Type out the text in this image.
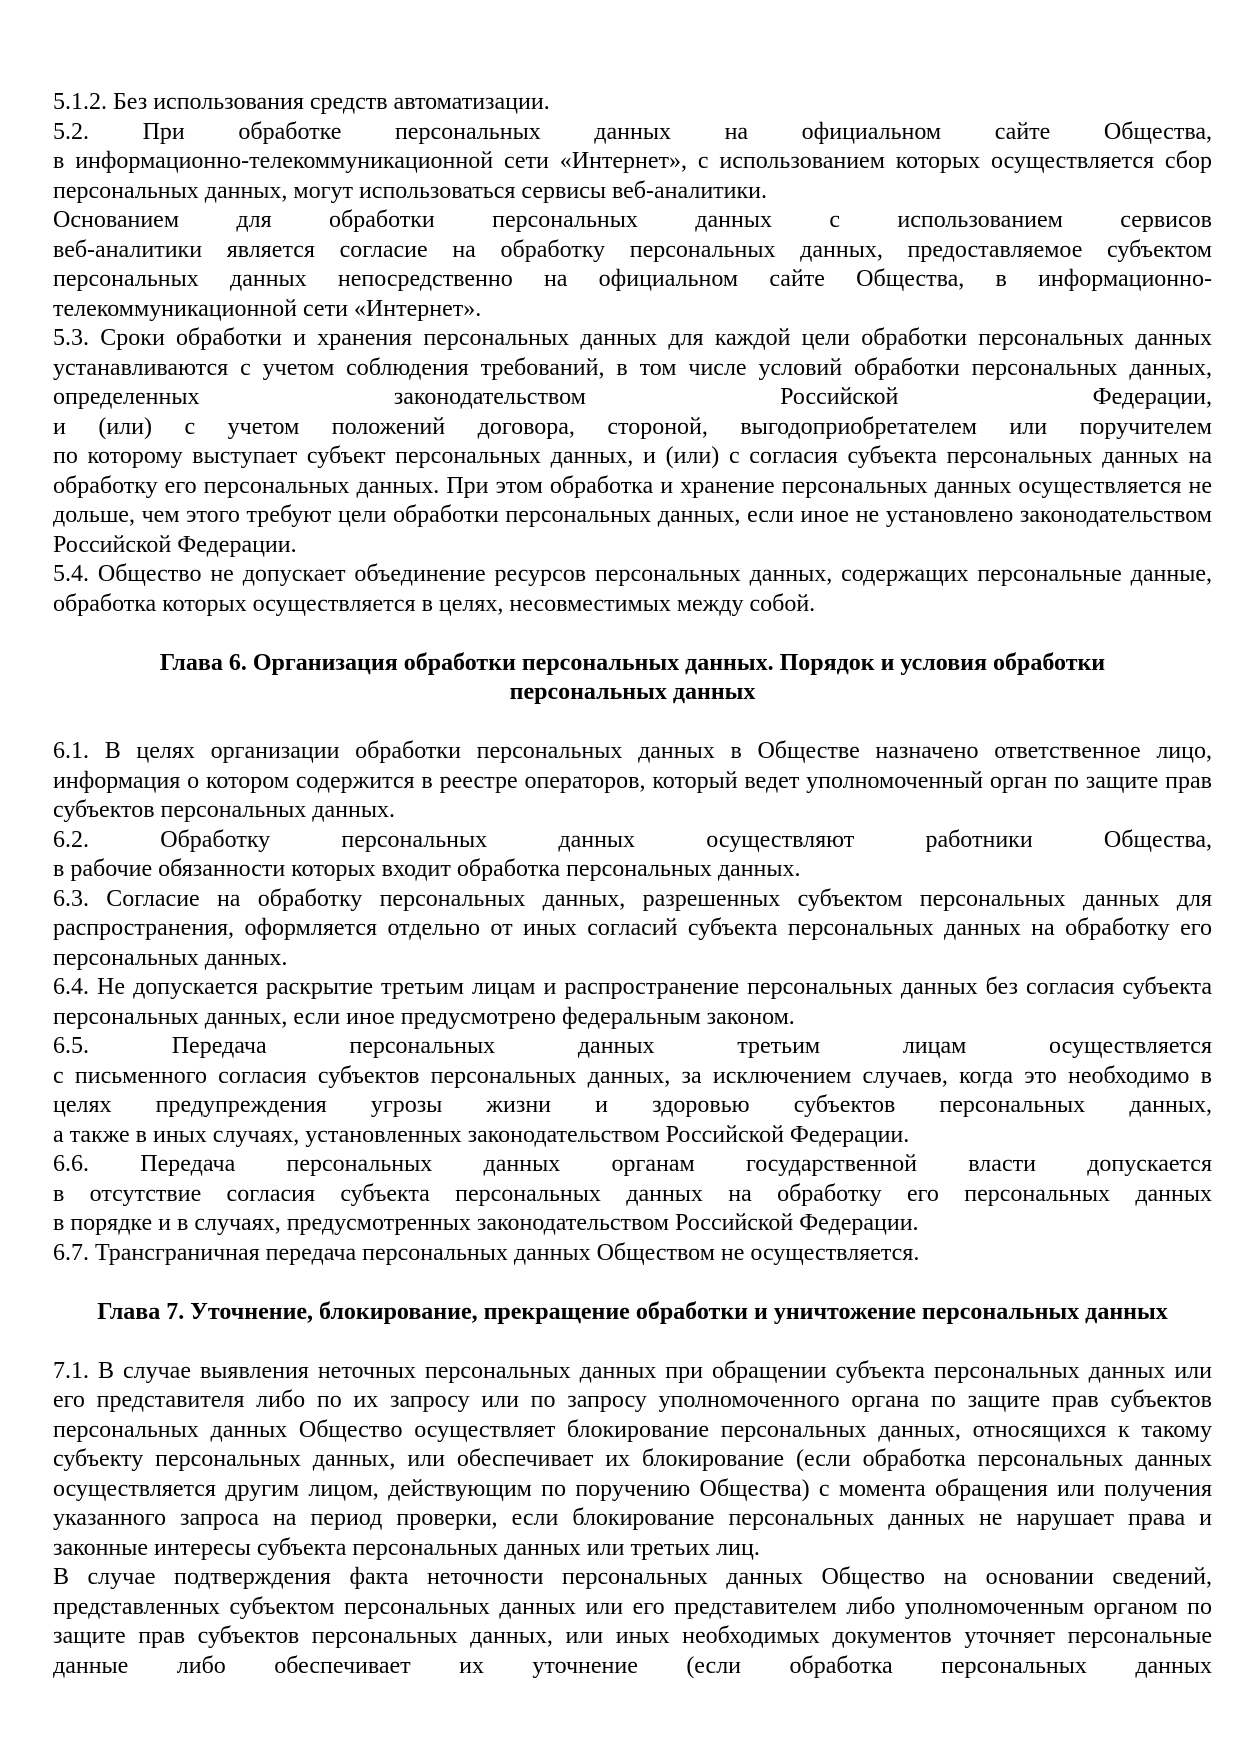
5.1.2. Без использования средств автоматизации.

5.2. При обработке персональных данных на официальном сайте Общества,
в информационно-телекоммуникационной сети «Интернет», с использованием которых осуществляется сбор персональных данных, могут использоваться сервисы веб-аналитики.

Основанием для обработки персональных данных с использованием сервисов
веб-аналитики является согласие на обработку персональных данных, предоставляемое субъектом персональных данных непосредственно на официальном сайте Общества, в информационно-телекоммуникационной сети «Интернет».

5.3. Сроки обработки и хранения персональных данных для каждой цели обработки персональных данных устанавливаются с учетом соблюдения требований, в том числе условий обработки персональных данных, определенных законодательством Российской Федерации,
и (или) с учетом положений договора, стороной, выгодоприобретателем или поручителем
по которому выступает субъект персональных данных, и (или) с согласия субъекта персональных данных на обработку его персональных данных. При этом обработка и хранение персональных данных осуществляется не дольше, чем этого требуют цели обработки персональных данных, если иное не установлено законодательством Российской Федерации.

5.4. Общество не допускает объединение ресурсов персональных данных, содержащих персональные данные, обработка которых осуществляется в целях, несовместимых между собой.

Глава 6. Организация обработки персональных данных. Порядок и условия обработки
персональных данных

6.1. В целях организации обработки персональных данных в Обществе назначено ответственное лицо, информация о котором содержится в реестре операторов, который ведет уполномоченный орган по защите прав субъектов персональных данных.

6.2. Обработку персональных данных осуществляют работники Общества,
в рабочие обязанности которых входит обработка персональных данных.

6.3. Согласие на обработку персональных данных, разрешенных субъектом персональных данных для распространения, оформляется отдельно от иных согласий субъекта персональных данных на обработку его персональных данных.

6.4. Не допускается раскрытие третьим лицам и распространение персональных данных без согласия субъекта персональных данных, если иное предусмотрено федеральным законом.

6.5. Передача персональных данных третьим лицам осуществляется
с письменного согласия субъектов персональных данных, за исключением случаев, когда это необходимо в целях предупреждения угрозы жизни и здоровью субъектов персональных данных,
а также в иных случаях, установленных законодательством Российской Федерации.

6.6. Передача персональных данных органам государственной власти допускается
в отсутствие согласия субъекта персональных данных на обработку его персональных данных
в порядке и в случаях, предусмотренных законодательством Российской Федерации.

6.7. Трансграничная передача персональных данных Обществом не осуществляется.

Глава 7. Уточнение, блокирование, прекращение обработки и уничтожение персональных данных

7.1. В случае выявления неточных персональных данных при обращении субъекта персональных данных или его представителя либо по их запросу или по запросу уполномоченного органа по защите прав субъектов персональных данных Общество осуществляет блокирование персональных данных, относящихся к такому субъекту персональных данных, или обеспечивает их блокирование (если обработка персональных данных осуществляется другим лицом, действующим по поручению Общества) с момента обращения или получения указанного запроса на период проверки, если блокирование персональных данных не нарушает права и законные интересы субъекта персональных данных или третьих лиц.

В случае подтверждения факта неточности персональных данных Общество на основании сведений, представленных субъектом персональных данных или его представителем либо уполномоченным органом по защите прав субъектов персональных данных, или иных необходимых документов уточняет персональные данные либо обеспечивает их уточнение (если обработка персональных данных
